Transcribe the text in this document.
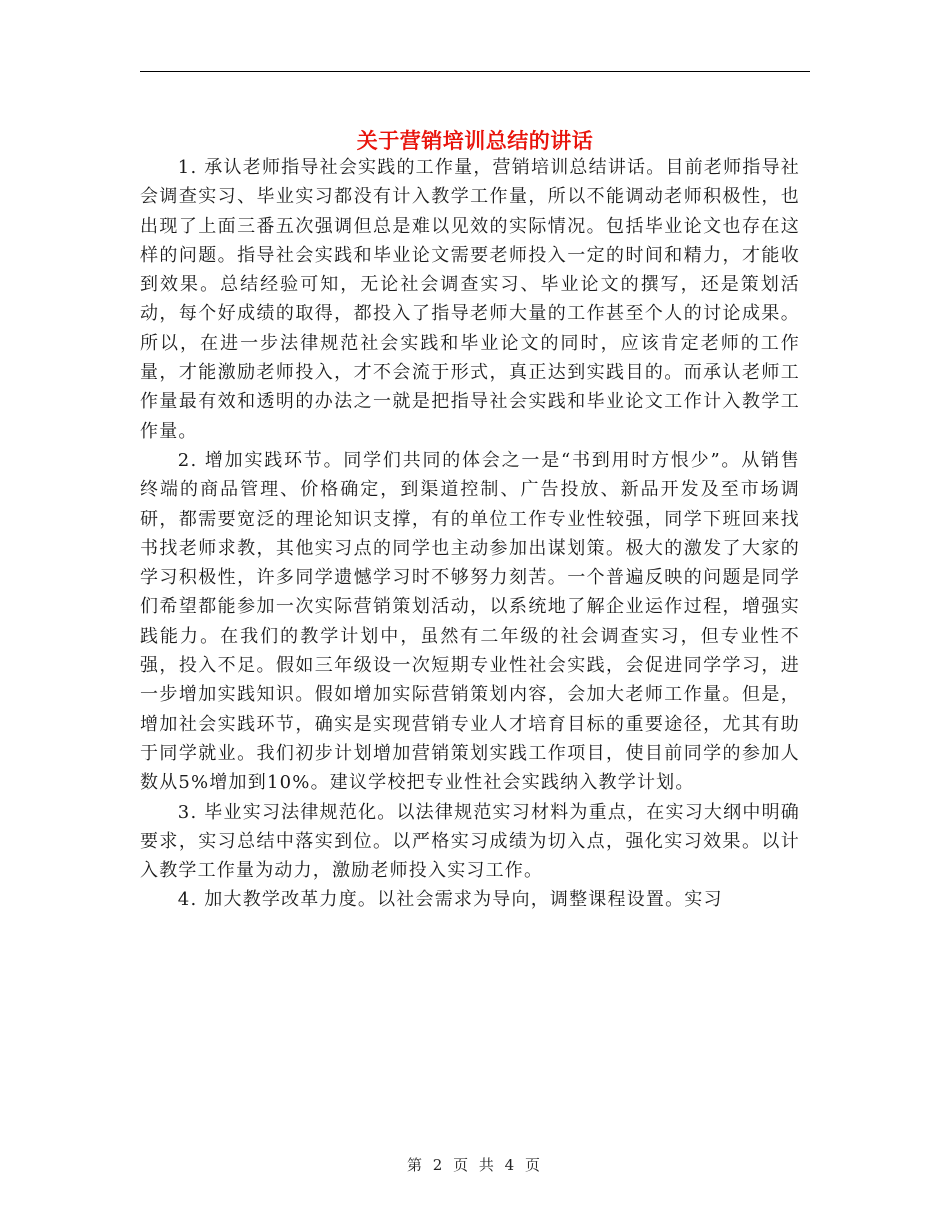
关于营销培训总结的讲话

1. 承认老师指导社会实践的工作量，营销培训总结讲话。目前老师指导社会调查实习、毕业实习都没有计入教学工作量，所以不能调动老师积极性，也出现了上面三番五次强调但总是难以见效的实际情况。包括毕业论文也存在这样的问题。指导社会实践和毕业论文需要老师投入一定的时间和精力，才能收到效果。总结经验可知，无论社会调查实习、毕业论文的撰写，还是策划活动，每个好成绩的取得，都投入了指导老师大量的工作甚至个人的讨论成果。所以，在进一步法律规范社会实践和毕业论文的同时，应该肯定老师的工作量，才能激励老师投入，才不会流于形式，真正达到实践目的。而承认老师工作量最有效和透明的办法之一就是把指导社会实践和毕业论文工作计入教学工作量。

2. 增加实践环节。同学们共同的体会之一是“书到用时方恨少”。从销售终端的商品管理、价格确定，到渠道控制、广告投放、新品开发及至市场调研，都需要宽泛的理论知识支撑，有的单位工作专业性较强，同学下班回来找书找老师求教，其他实习点的同学也主动参加出谋划策。极大的激发了大家的学习积极性，许多同学遗憾学习时不够努力刻苦。一个普遍反映的问题是同学们希望都能参加一次实际营销策划活动，以系统地了解企业运作过程，增强实践能力。在我们的教学计划中，虽然有二年级的社会调查实习，但专业性不强，投入不足。假如三年级设一次短期专业性社会实践，会促进同学学习，进一步增加实践知识。假如增加实际营销策划内容，会加大老师工作量。但是，增加社会实践环节，确实是实现营销专业人才培育目标的重要途径，尤其有助于同学就业。我们初步计划增加营销策划实践工作项目，使目前同学的参加人数从5%增加到10%。建议学校把专业性社会实践纳入教学计划。

3. 毕业实习法律规范化。以法律规范实习材料为重点，在实习大纲中明确要求，实习总结中落实到位。以严格实习成绩为切入点，强化实习效果。以计入教学工作量为动力，激励老师投入实习工作。

4. 加大教学改革力度。以社会需求为导向，调整课程设置。实习

第 2 页 共 4 页
